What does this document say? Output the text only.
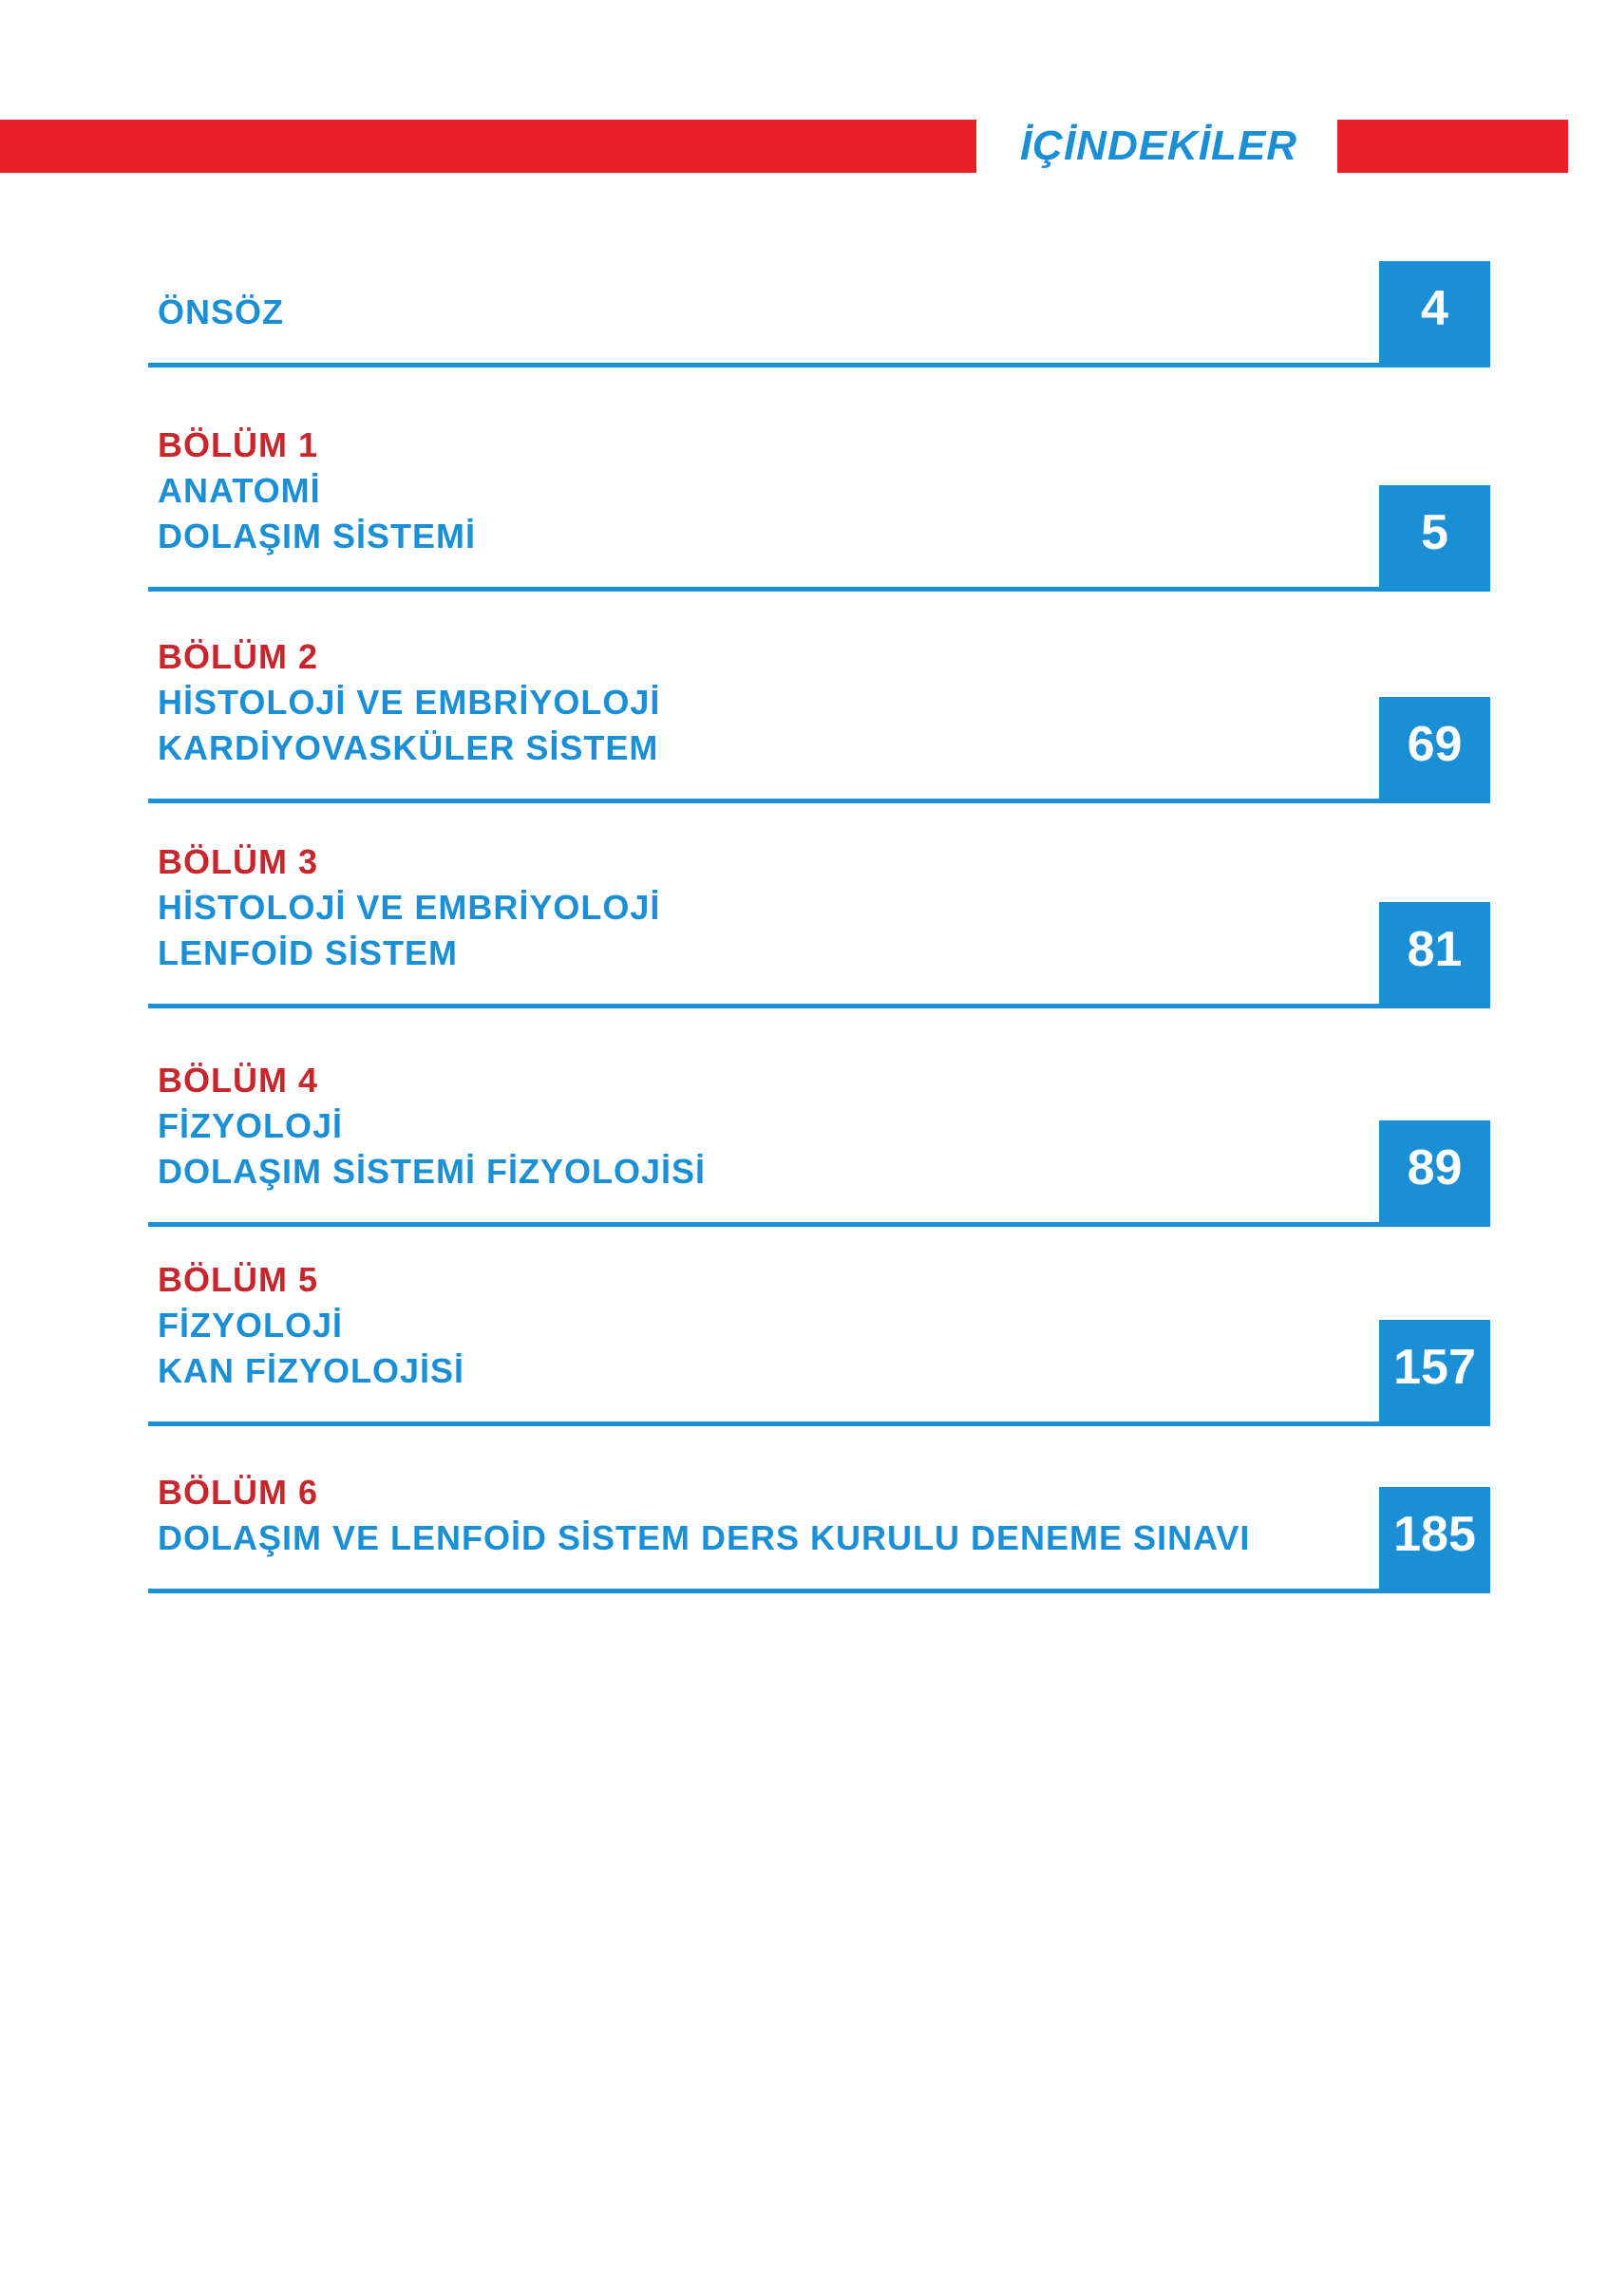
İÇİNDEKİLER
ÖNSÖZ	4
BÖLÜM 1
ANATOMİ
DOLAŞIM SİSTEMİ	5
BÖLÜM 2
HİSTOLOJİ VE EMBRİYOLOJİ
KARDİYOVASKÜLER SİSTEM	69
BÖLÜM 3
HİSTOLOJİ VE EMBRİYOLOJİ
LENFOİD SİSTEM	81
BÖLÜM 4
FİZYOLOJİ
DOLAŞIM SİSTEMİ FİZYOLOJİSİ	89
BÖLÜM 5
FİZYOLOJİ
KAN FİZYOLOJİSİ	157
BÖLÜM 6
DOLAŞIM VE LENFOİD SİSTEM DERS KURULU DENEME SINAVI	185
